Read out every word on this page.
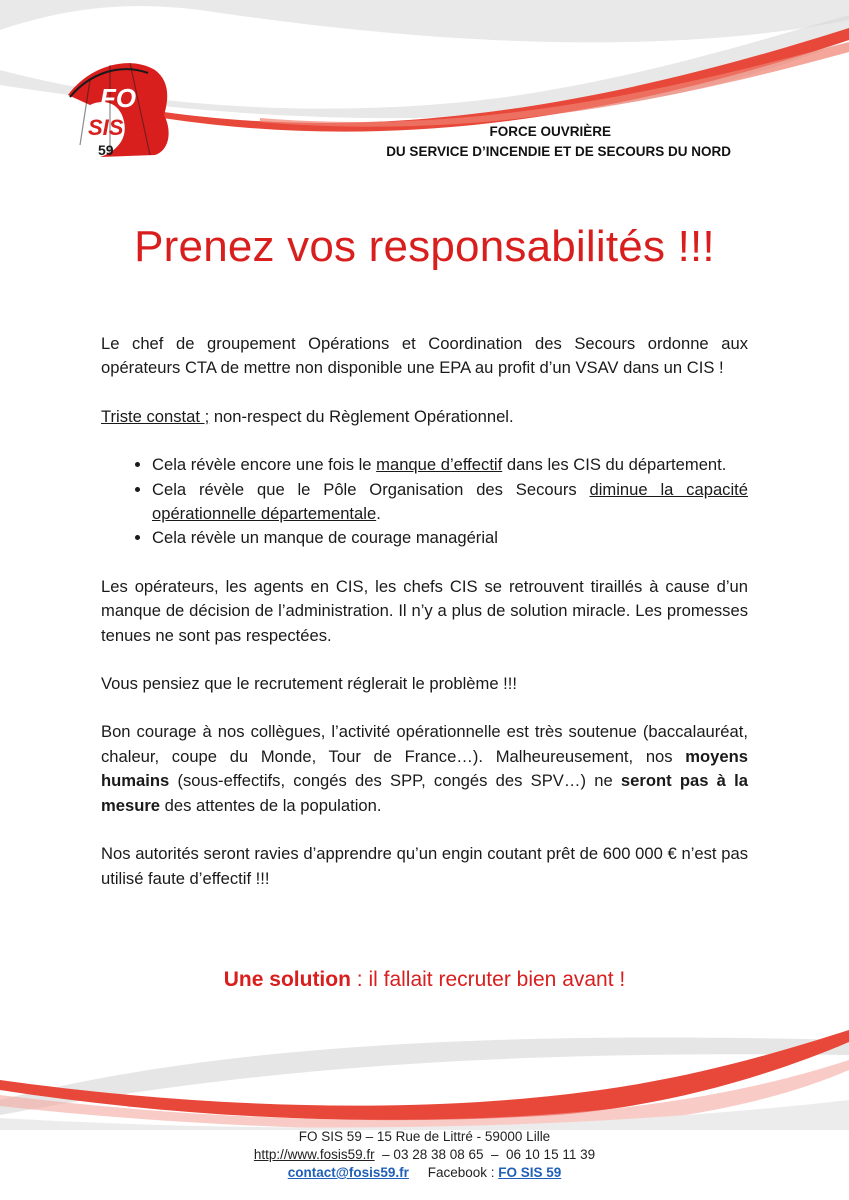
FO
SIS
59
FORCE OUVRIÈRE
DU SERVICE D’INCENDIE ET DE SECOURS DU NORD
Prenez vos responsabilités !!!

Le chef de groupement Opérations et Coordination des Secours ordonne aux opérateurs CTA de mettre non disponible une EPA au profit d’un VSAV dans un CIS !

Triste constat ; non-respect du Règlement Opérationnel.

• Cela révèle encore une fois le manque d’effectif dans les CIS du département.
• Cela révèle que le Pôle Organisation des Secours diminue la capacité opérationnelle départementale.
• Cela révèle un manque de courage managérial

Les opérateurs, les agents en CIS, les chefs CIS se retrouvent tiraillés à cause d’un manque de décision de l’administration. Il n’y a plus de solution miracle. Les promesses tenues ne sont pas respectées.

Vous pensiez que le recrutement réglerait le problème !!!

Bon courage à nos collègues, l’activité opérationnelle est très soutenue (baccalauréat, chaleur, coupe du Monde, Tour de France…). Malheureusement, nos moyens humains (sous-effectifs, congés des SPP, congés des SPV…) ne seront pas à la mesure des attentes de la population.

Nos autorités seront ravies d’apprendre qu’un engin coutant prêt de 600 000 € n’est pas utilisé faute d’effectif !!!

Une solution : il fallait recruter bien avant !
FO SIS 59 – 15 Rue de Littré - 59000 Lille
http://www.fosis59.fr  – 03 28 38 08 65  –  06 10 15 11 39
contact@fosis59.fr     Facebook : FO SIS 59
